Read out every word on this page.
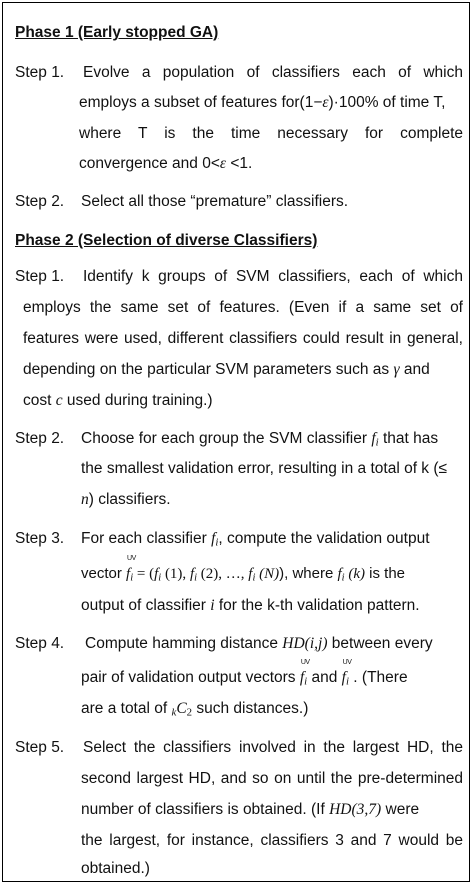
Phase 1 (Early stopped GA)
Step 1. Evolve a population of classifiers each of which
employs a subset of features for(1−ε)·100% of time T,
where T is the time necessary for complete
convergence and 0<ε <1.
Step 2. Select all those “premature” classifiers.
Phase 2 (Selection of diverse Classifiers)
Step 1. Identify k groups of SVM classifiers, each of which
employs the same set of features. (Even if a same set of
features were used, different classifiers could result in general,
depending on the particular SVM parameters such as γ and
cost c used during training.)
Step 2. Choose for each group the SVM classifier $f_i$ that has
the smallest validation error, resulting in a total of k (≤
n) classifiers.
Step 3. For each classifier $f_i$, compute the validation output
vector
UV
$f_i = (f_i$ (1), $f_i$ (2), …, $f_i$ (N)), where $f_i$ (k) is the
output of classifier i for the k-th validation pattern.
Step 4. Compute hamming distance HD(i,j) between every
pair of validation output vectors
UV
$f_i$ and
UV
$f_i$ . (There
are a total of $_kC_2$ such distances.)
Step 5. Select the classifiers involved in the largest HD, the
second largest HD, and so on until the pre-determined
number of classifiers is obtained. (If HD(3,7) were
the largest, for instance, classifiers 3 and 7 would be
obtained.)
